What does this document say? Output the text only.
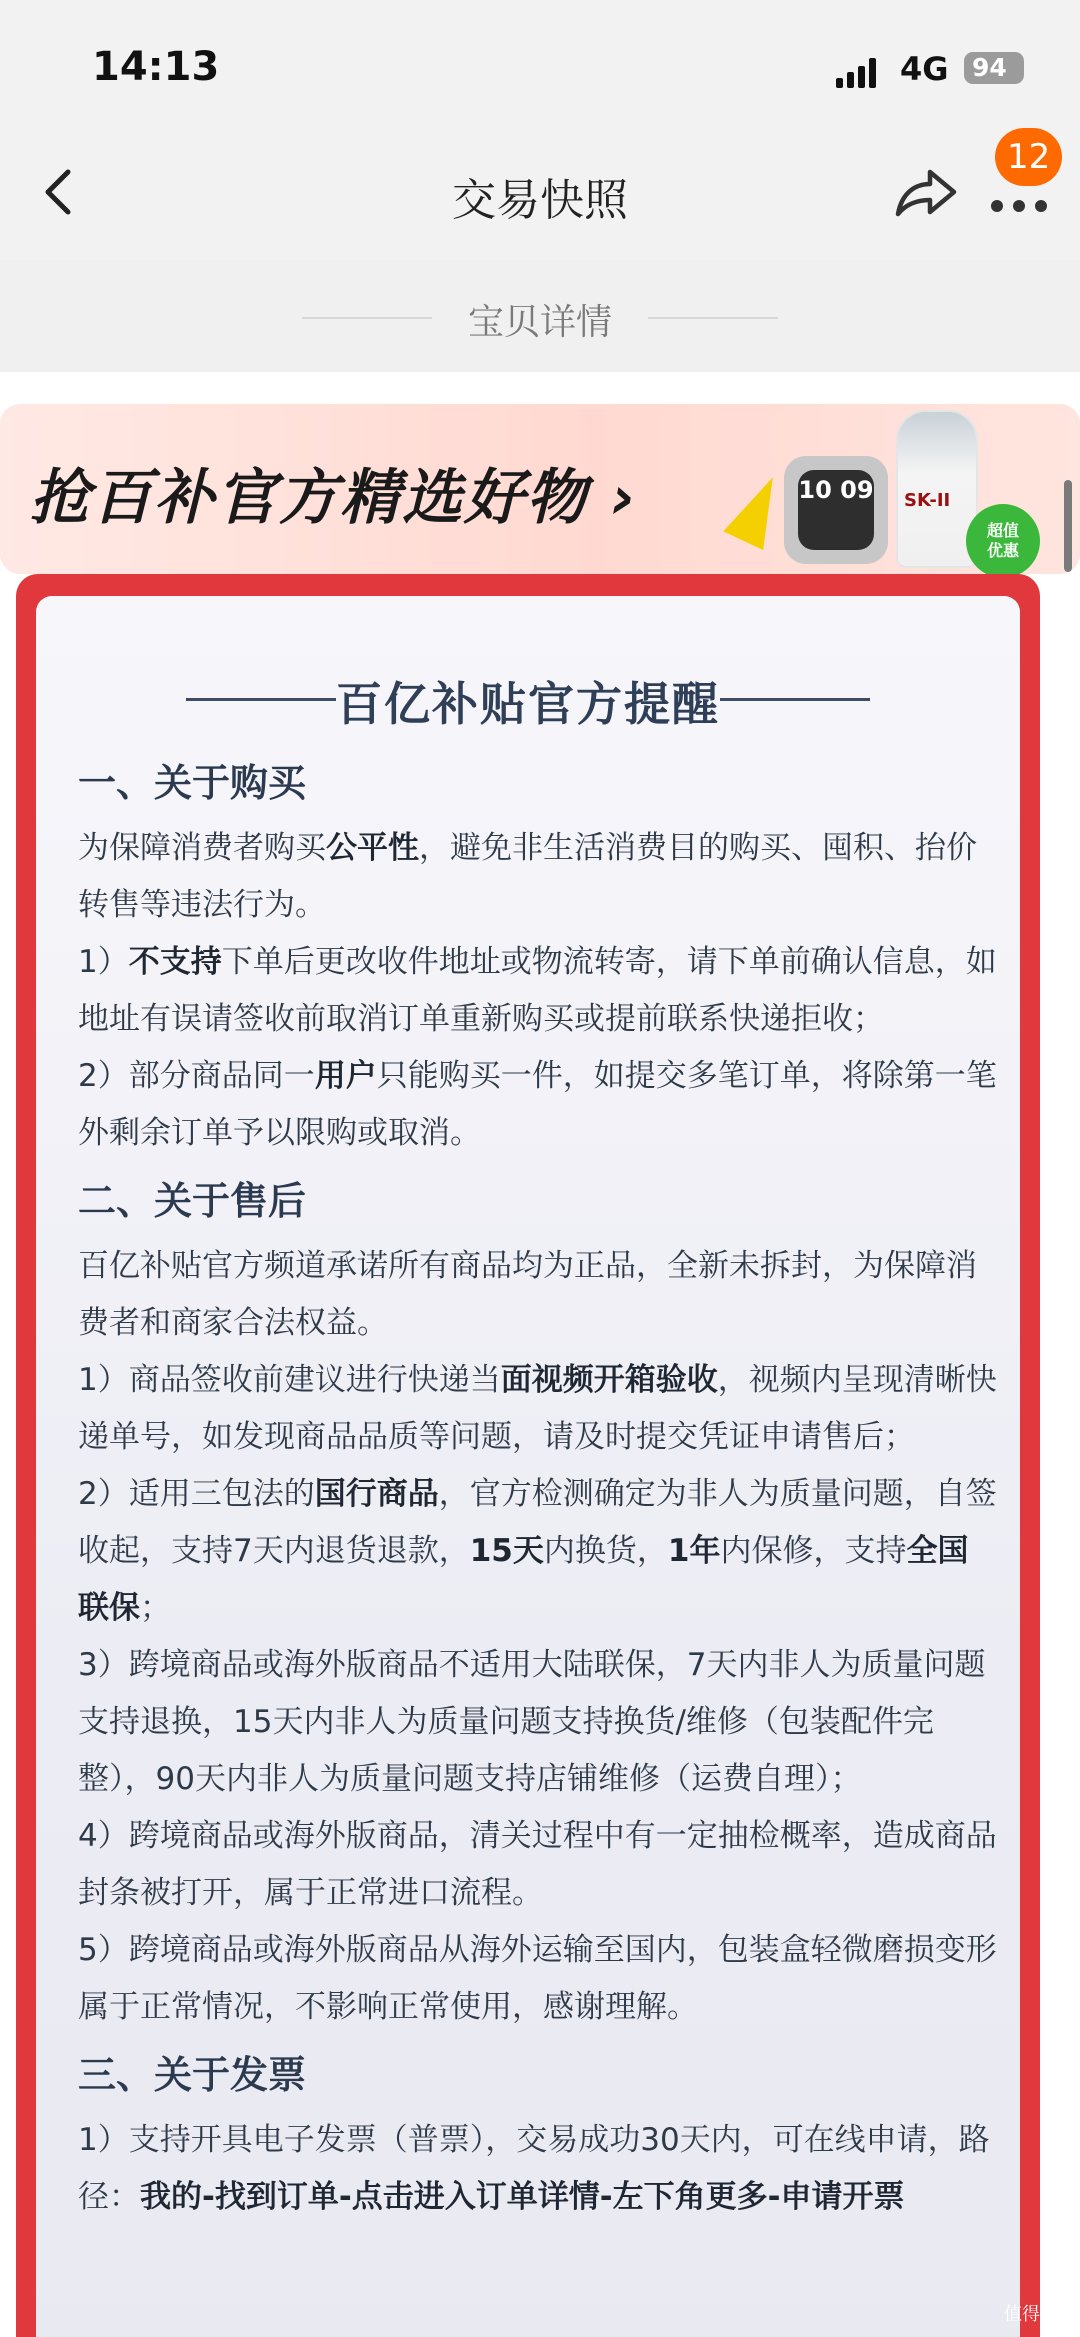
14:13	4G 94
交易快照
12
宝贝详情
抢百补官方精选好物 ›	10 09 SK-II
超值
优惠
百亿补贴官方提醒
一、关于购买
为保障消费者购买公平性，避免非生活消费目的购买、囤积、抬价转售等违法行为。
1）不支持下单后更改收件地址或物流转寄，请下单前确认信息，如地址有误请签收前取消订单重新购买或提前联系快递拒收；
2）部分商品同一用户只能购买一件，如提交多笔订单，将除第一笔外剩余订单予以限购或取消。
二、关于售后
百亿补贴官方频道承诺所有商品均为正品，全新未拆封，为保障消费者和商家合法权益。
1）商品签收前建议进行快递当面视频开箱验收，视频内呈现清晰快递单号，如发现商品品质等问题，请及时提交凭证申请售后；
2）适用三包法的国行商品，官方检测确定为非人为质量问题，自签收起，支持7天内退货退款，15天内换货，1年内保修，支持全国联保；
3）跨境商品或海外版商品不适用大陆联保，7天内非人为质量问题支持退换，15天内非人为质量问题支持换货/维修（包装配件完整），90天内非人为质量问题支持店铺维修（运费自理）；
4）跨境商品或海外版商品，清关过程中有一定抽检概率，造成商品封条被打开，属于正常进口流程。
5）跨境商品或海外版商品从海外运输至国内，包装盒轻微磨损变形属于正常情况，不影响正常使用，感谢理解。
三、关于发票
1）支持开具电子发票（普票），交易成功30天内，可在线申请，路径：我的-找到订单-点击进入订单详情-左下角更多-申请开票
值得买
